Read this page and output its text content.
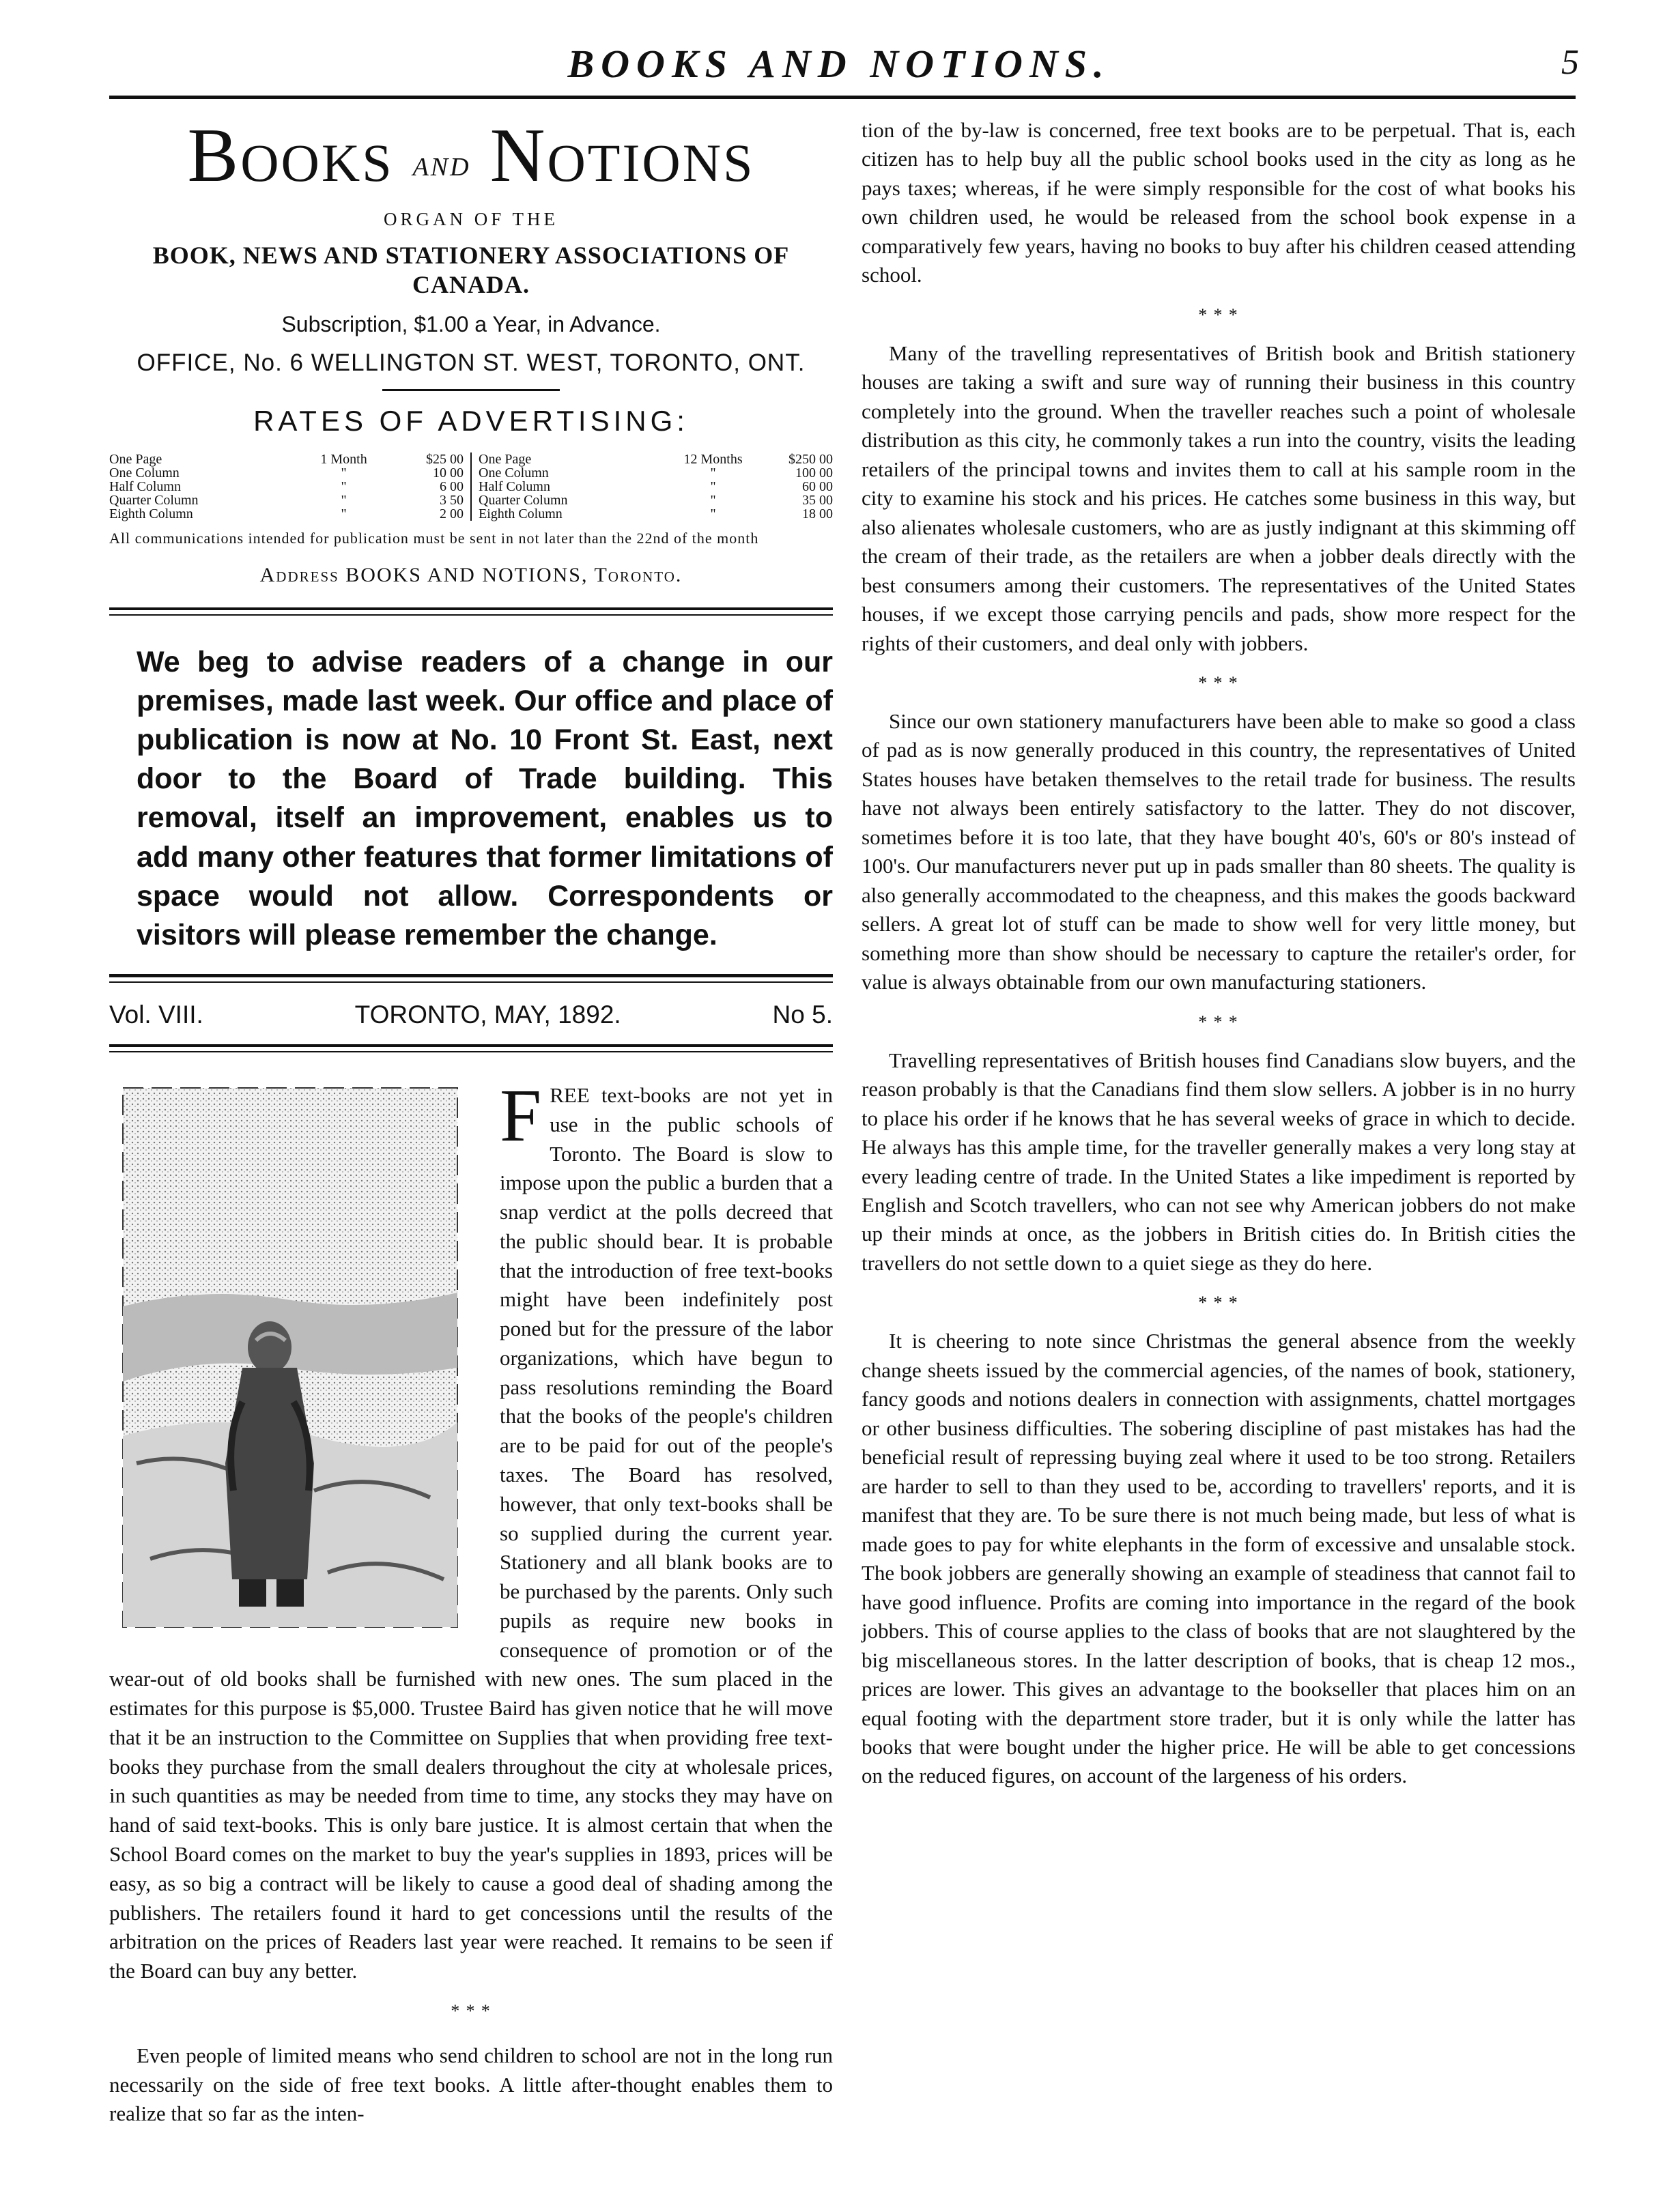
BOOKS AND NOTIONS.	5
Books and Notions
ORGAN OF THE
BOOK, NEWS AND STATIONERY ASSOCIATIONS OF CANADA.
Subscription, $1.00 a Year, in Advance.
OFFICE, No. 6 WELLINGTON ST. WEST, TORONTO, ONT.
RATES OF ADVERTISING:
One Page	1 Month	$25 00
One Column	"	10 00
Half Column	"	6 00
Quarter Column	"	3 50
Eighth Column	"	2 00
One Page	12 Months	$250 00
One Column	"	100 00
Half Column	"	60 00
Quarter Column	"	35 00
Eighth Column	"	18 00
All communications intended for publication must be sent in not later than the 22nd of the month
Address BOOKS AND NOTIONS, Toronto.
We beg to advise readers of a change in our premises, made last week. Our office and place of publication is now at No. 10 Front St. East, next door to the Board of Trade building. This removal, itself an improvement, enables us to add many other features that former limitations of space would not allow. Correspondents or visitors will please remember the change.
Vol. VIII.	TORONTO, MAY, 1892.	No 5.

FREE text-books are not yet in use in the public schools of Toronto. The Board is slow to impose upon the public a burden that a snap verdict at the polls decreed that the public should bear. It is probable that the introduction of free text-books might have been indefinitely post poned but for the pressure of the labor organizations, which have begun to pass resolutions reminding the Board that the books of the people's children are to be paid for out of the people's taxes. The Board has resolved, however, that only text-books shall be so supplied during the current year. Stationery and all blank books are to be purchased by the parents. Only such pupils as require new books in consequence of promotion or of the wear-out of old books shall be furnished with new ones. The sum placed in the estimates for this purpose is $5,000. Trustee Baird has given notice that he will move that it be an instruction to the Committee on Supplies that when providing free text-books they purchase from the small dealers throughout the city at wholesale prices, in such quantities as may be needed from time to time, any stocks they may have on hand of said text-books. This is only bare justice. It is almost certain that when the School Board comes on the market to buy the year's supplies in 1893, prices will be easy, as so big a contract will be likely to cause a good deal of shading among the publishers. The retailers found it hard to get concessions until the results of the arbitration on the prices of Readers last year were reached. It remains to be seen if the Board can buy any better.

* * *

Even people of limited means who send children to school are not in the long run necessarily on the side of free text books. A little after-thought enables them to realize that so far as the inten-

tion of the by-law is concerned, free text books are to be perpetual. That is, each citizen has to help buy all the public school books used in the city as long as he pays taxes; whereas, if he were simply responsible for the cost of what books his own children used, he would be released from the school book expense in a comparatively few years, having no books to buy after his children ceased attending school.

* * *

Many of the travelling representatives of British book and British stationery houses are taking a swift and sure way of running their business in this country completely into the ground. When the traveller reaches such a point of wholesale distribution as this city, he commonly takes a run into the country, visits the leading retailers of the principal towns and invites them to call at his sample room in the city to examine his stock and his prices. He catches some business in this way, but also alienates wholesale customers, who are as justly indignant at this skimming off the cream of their trade, as the retailers are when a jobber deals directly with the best consumers among their customers. The representatives of the United States houses, if we except those carrying pencils and pads, show more respect for the rights of their customers, and deal only with jobbers.

* * *

Since our own stationery manufacturers have been able to make so good a class of pad as is now generally produced in this country, the representatives of United States houses have betaken themselves to the retail trade for business. The results have not always been entirely satisfactory to the latter. They do not discover, sometimes before it is too late, that they have bought 40's, 60's or 80's instead of 100's. Our manufacturers never put up in pads smaller than 80 sheets. The quality is also generally accommodated to the cheapness, and this makes the goods backward sellers. A great lot of stuff can be made to show well for very little money, but something more than show should be necessary to capture the retailer's order, for value is always obtainable from our own manufacturing stationers.

* * *

Travelling representatives of British houses find Canadians slow buyers, and the reason probably is that the Canadians find them slow sellers. A jobber is in no hurry to place his order if he knows that he has several weeks of grace in which to decide. He always has this ample time, for the traveller generally makes a very long stay at every leading centre of trade. In the United States a like impediment is reported by English and Scotch travellers, who can not see why American jobbers do not make up their minds at once, as the jobbers in British cities do. In British cities the travellers do not settle down to a quiet siege as they do here.

* * *

It is cheering to note since Christmas the general absence from the weekly change sheets issued by the commercial agencies, of the names of book, stationery, fancy goods and notions dealers in connection with assignments, chattel mortgages or other business difficulties. The sobering discipline of past mistakes has had the beneficial result of repressing buying zeal where it used to be too strong. Retailers are harder to sell to than they used to be, according to travellers' reports, and it is manifest that they are. To be sure there is not much being made, but less of what is made goes to pay for white elephants in the form of excessive and unsalable stock. The book jobbers are generally showing an example of steadiness that cannot fail to have good influence. Profits are coming into importance in the regard of the book jobbers. This of course applies to the class of books that are not slaughtered by the big miscellaneous stores. In the latter description of books, that is cheap 12 mos., prices are lower. This gives an advantage to the bookseller that places him on an equal footing with the department store trader, but it is only while the latter has books that were bought under the higher price. He will be able to get concessions on the reduced figures, on account of the largeness of his orders.
